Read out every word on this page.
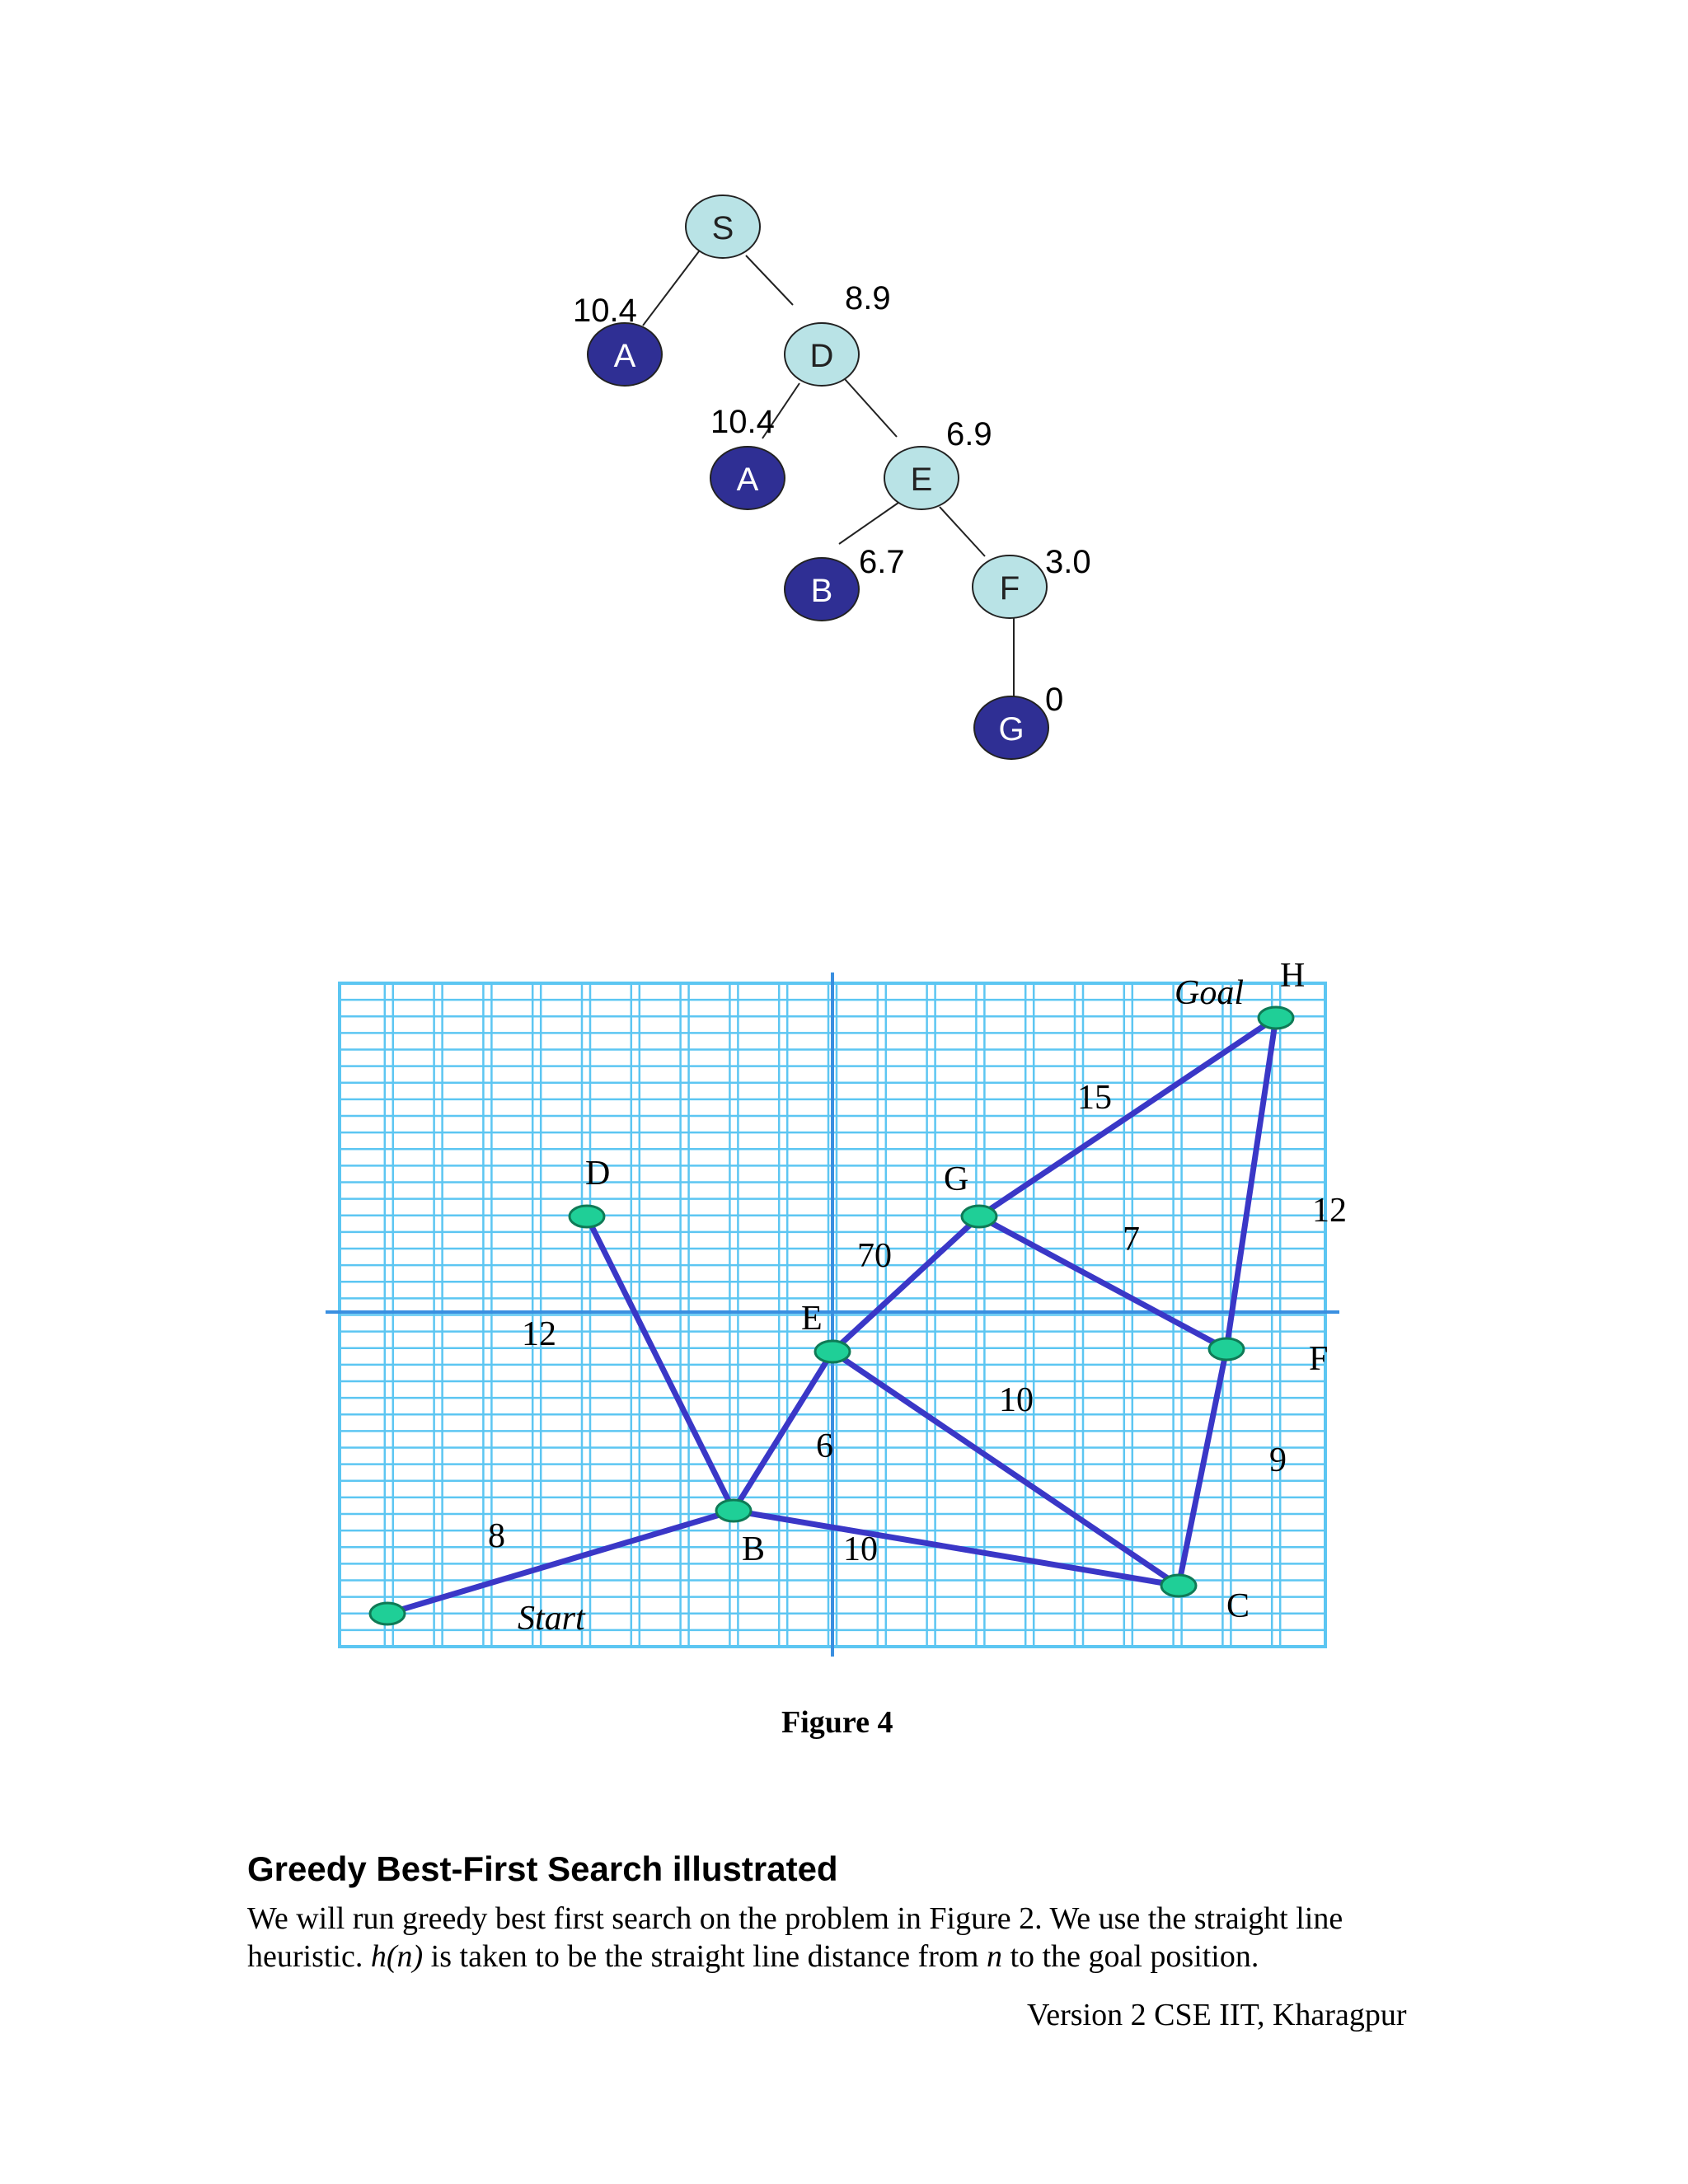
S
A	D
A	E
B	F
G
10.4	8.9
10.4	6.9
6.7	3.0
0
D	G
E
B
F
C
H
Goal
Start
8
12
70
6
10
10
15
7
12
9
Figure 4
Greedy Best-First Search illustrated
We will run greedy best first search on the problem in Figure 2. We use the straight line
heuristic. h(n) is taken to be the straight line distance from n to the goal position.
Version 2 CSE IIT, Kharagpur
